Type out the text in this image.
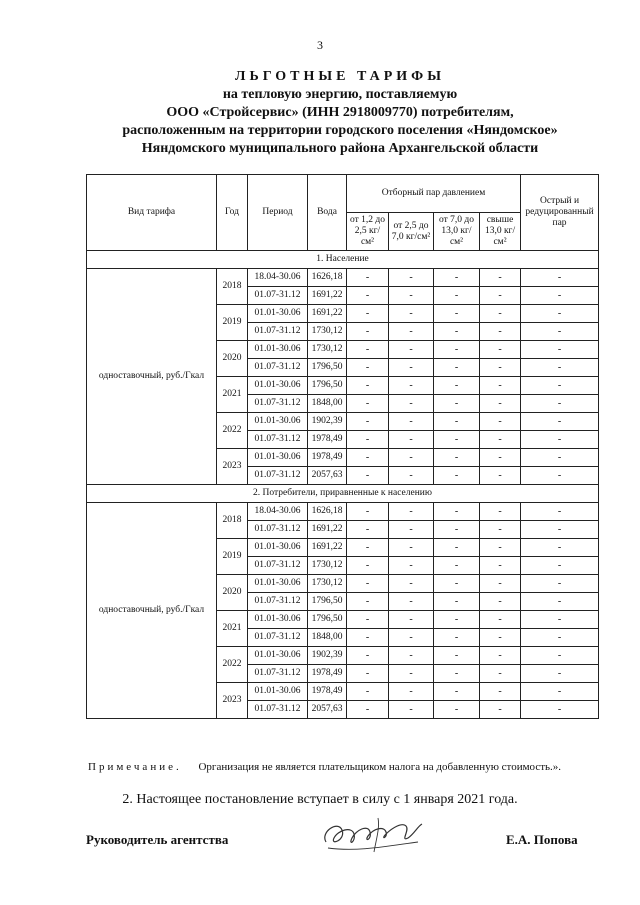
3
ЛЬГОТНЫЕ ТАРИФЫ
на тепловую энергию, поставляемую
ООО «Стройсервис» (ИНН 2918009770) потребителям,
расположенным на территории городского поселения «Няндомское»
Няндомского муниципального района Архангельской области
Вид тарифа	Год	Период	Вода	Отборный пар давлением				Острый и редуцированный пар
				от 1,2 до 2,5 кг/см²	от 2,5 до 7,0 кг/см²	от 7,0 до 13,0 кг/см²	свыше 13,0 кг/см²	
1. Население								
одноставочный, руб./Гкал	2018	18.04-30.06	1626,18	-	-	-	-	-
		01.07-31.12	1691,22	-	-	-	-	-
	2019	01.01-30.06	1691,22	-	-	-	-	-
		01.07-31.12	1730,12	-	-	-	-	-
	2020	01.01-30.06	1730,12	-	-	-	-	-
		01.07-31.12	1796,50	-	-	-	-	-
	2021	01.01-30.06	1796,50	-	-	-	-	-
		01.07-31.12	1848,00	-	-	-	-	-
	2022	01.01-30.06	1902,39	-	-	-	-	-
		01.07-31.12	1978,49	-	-	-	-	-
	2023	01.01-30.06	1978,49	-	-	-	-	-
		01.07-31.12	2057,63	-	-	-	-	-
2. Потребители, приравненные к населению								
одноставочный, руб./Гкал	2018	18.04-30.06	1626,18	-	-	-	-	-
		01.07-31.12	1691,22	-	-	-	-	-
	2019	01.01-30.06	1691,22	-	-	-	-	-
		01.07-31.12	1730,12	-	-	-	-	-
	2020	01.01-30.06	1730,12	-	-	-	-	-
		01.07-31.12	1796,50	-	-	-	-	-
	2021	01.01-30.06	1796,50	-	-	-	-	-
		01.07-31.12	1848,00	-	-	-	-	-
	2022	01.01-30.06	1902,39	-	-	-	-	-
		01.07-31.12	1978,49	-	-	-	-	-
	2023	01.01-30.06	1978,49	-	-	-	-	-
		01.07-31.12	2057,63	-	-	-	-	-
Примечание. Организация не является плательщиком налога на добавленную стоимость.».
2. Настоящее постановление вступает в силу с 1 января 2021 года.
Руководитель агентства	Е.А. Попова
